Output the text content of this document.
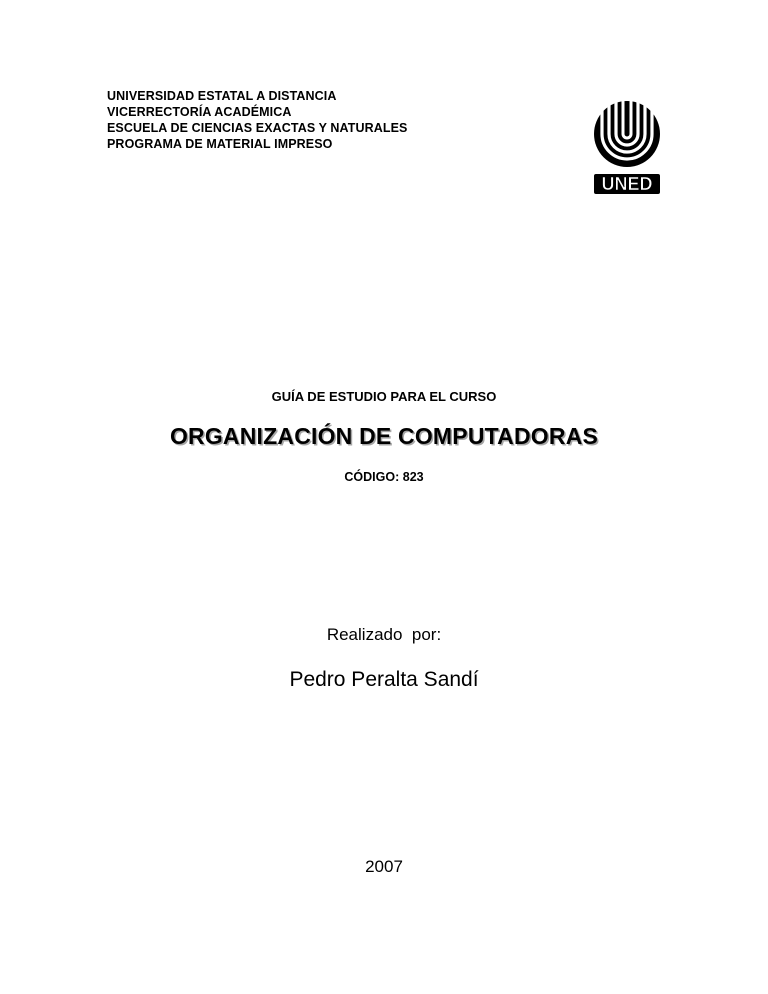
UNIVERSIDAD ESTATAL A DISTANCIA
VICERRECTORÍA ACADÉMICA
ESCUELA DE CIENCIAS EXACTAS Y NATURALES
PROGRAMA DE MATERIAL IMPRESO
UNED
GUÍA DE ESTUDIO PARA EL CURSO
ORGANIZACIÓN DE COMPUTADORAS
CÓDIGO: 823
Realizado  por:
Pedro Peralta Sandí
2007
